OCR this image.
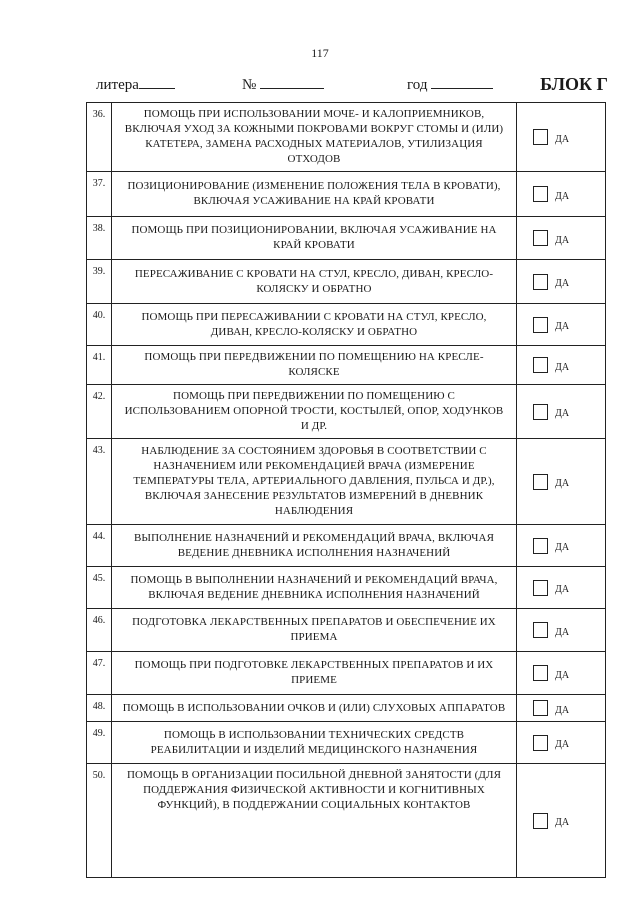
117
литера	№	год	БЛОК Г
36.	ПОМОЩЬ ПРИ ИСПОЛЬЗОВАНИИ МОЧЕ- И КАЛОПРИЕМНИКОВ, ВКЛЮЧАЯ УХОД ЗА КОЖНЫМИ ПОКРОВАМИ ВОКРУГ СТОМЫ И (ИЛИ) КАТЕТЕРА, ЗАМЕНА РАСХОДНЫХ МАТЕРИАЛОВ, УТИЛИЗАЦИЯ ОТХОДОВ	ДА

37.	ПОЗИЦИОНИРОВАНИЕ (ИЗМЕНЕНИЕ ПОЛОЖЕНИЯ ТЕЛА В КРОВАТИ), ВКЛЮЧАЯ УСАЖИВАНИЕ НА КРАЙ КРОВАТИ	ДА

38.	ПОМОЩЬ ПРИ ПОЗИЦИОНИРОВАНИИ, ВКЛЮЧАЯ УСАЖИВАНИЕ НА КРАЙ КРОВАТИ	ДА

39.	ПЕРЕСАЖИВАНИЕ С КРОВАТИ НА СТУЛ, КРЕСЛО, ДИВАН, КРЕСЛО-КОЛЯСКУ И ОБРАТНО	ДА

40.	ПОМОЩЬ ПРИ ПЕРЕСАЖИВАНИИ С КРОВАТИ НА СТУЛ, КРЕСЛО, ДИВАН, КРЕСЛО-КОЛЯСКУ И ОБРАТНО	ДА

41.	ПОМОЩЬ ПРИ ПЕРЕДВИЖЕНИИ ПО ПОМЕЩЕНИЮ НА КРЕСЛЕ-КОЛЯСКЕ	ДА

42.	ПОМОЩЬ ПРИ ПЕРЕДВИЖЕНИИ ПО ПОМЕЩЕНИЮ С ИСПОЛЬЗОВАНИЕМ ОПОРНОЙ ТРОСТИ, КОСТЫЛЕЙ, ОПОР, ХОДУНКОВ И ДР.	ДА

43.	НАБЛЮДЕНИЕ ЗА СОСТОЯНИЕМ ЗДОРОВЬЯ В СООТВЕТСТВИИ С НАЗНАЧЕНИЕМ ИЛИ РЕКОМЕНДАЦИЕЙ ВРАЧА (ИЗМЕРЕНИЕ ТЕМПЕРАТУРЫ ТЕЛА, АРТЕРИАЛЬНОГО ДАВЛЕНИЯ, ПУЛЬСА И ДР.), ВКЛЮЧАЯ ЗАНЕСЕНИЕ РЕЗУЛЬТАТОВ ИЗМЕРЕНИЙ В ДНЕВНИК НАБЛЮДЕНИЯ	ДА

44.	ВЫПОЛНЕНИЕ НАЗНАЧЕНИЙ И РЕКОМЕНДАЦИЙ ВРАЧА, ВКЛЮЧАЯ ВЕДЕНИЕ ДНЕВНИКА ИСПОЛНЕНИЯ НАЗНАЧЕНИЙ	ДА

45.	ПОМОЩЬ В ВЫПОЛНЕНИИ НАЗНАЧЕНИЙ И РЕКОМЕНДАЦИЙ ВРАЧА, ВКЛЮЧАЯ ВЕДЕНИЕ ДНЕВНИКА ИСПОЛНЕНИЯ НАЗНАЧЕНИЙ	ДА

46.	ПОДГОТОВКА ЛЕКАРСТВЕННЫХ ПРЕПАРАТОВ И ОБЕСПЕЧЕНИЕ ИХ ПРИЕМА	ДА

47.	ПОМОЩЬ ПРИ ПОДГОТОВКЕ ЛЕКАРСТВЕННЫХ ПРЕПАРАТОВ И ИХ ПРИЕМЕ	ДА

48.	ПОМОЩЬ В ИСПОЛЬЗОВАНИИ ОЧКОВ И (ИЛИ) СЛУХОВЫХ АППАРАТОВ	ДА

49.	ПОМОЩЬ В ИСПОЛЬЗОВАНИИ ТЕХНИЧЕСКИХ СРЕДСТВ РЕАБИЛИТАЦИИ И ИЗДЕЛИЙ МЕДИЦИНСКОГО НАЗНАЧЕНИЯ	ДА

50.	ПОМОЩЬ В ОРГАНИЗАЦИИ ПОСИЛЬНОЙ ДНЕВНОЙ ЗАНЯТОСТИ (ДЛЯ ПОДДЕРЖАНИЯ ФИЗИЧЕСКОЙ АКТИВНОСТИ И КОГНИТИВНЫХ ФУНКЦИЙ), В ПОДДЕРЖАНИИ СОЦИАЛЬНЫХ КОНТАКТОВ	ДА
